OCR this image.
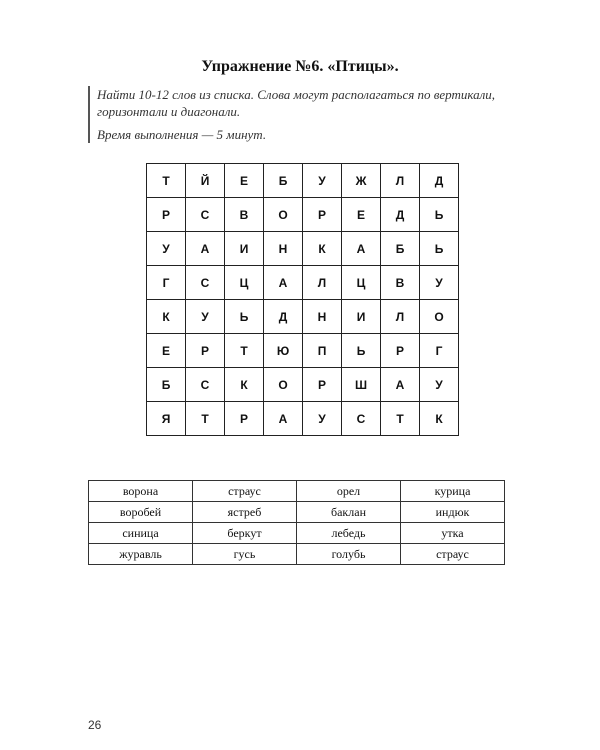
Упражнение №6. «Птицы».
Найти 10-12 слов из списка. Слова могут располагаться по вертикали, горизонтали и диагонали.
Время выполнения — 5 минут.
Т	Й	Е	Б	У	Ж	Л	Д
Р	С	В	О	Р	Е	Д	Ь
У	А	И	Н	К	А	Б	Ь
Г	С	Ц	А	Л	Ц	В	У
К	У	Ь	Д	Н	И	Л	О
Е	Р	Т	Ю	П	Ь	Р	Г
Б	С	К	О	Р	Ш	А	У
Я	Т	Р	А	У	С	Т	К
ворона	страус	орел	курица
воробей	ястреб	баклан	индюк
синица	беркут	лебедь	утка
журавль	гусь	голубь	страус
26
